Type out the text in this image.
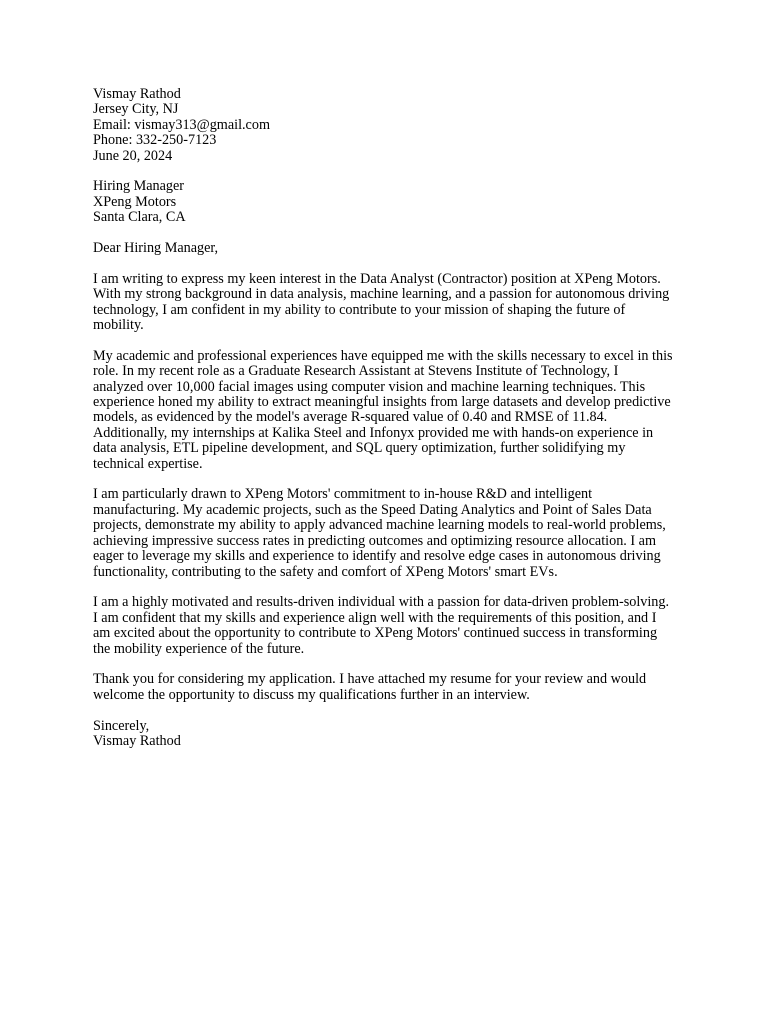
Vismay Rathod
Jersey City, NJ
Email: vismay313@gmail.com
Phone: 332-250-7123
June 20, 2024
Hiring Manager
XPeng Motors
Santa Clara, CA
Dear Hiring Manager,
I am writing to express my keen interest in the Data Analyst (Contractor) position at XPeng Motors.
With my strong background in data analysis, machine learning, and a passion for autonomous driving
technology, I am confident in my ability to contribute to your mission of shaping the future of
mobility.
My academic and professional experiences have equipped me with the skills necessary to excel in this
role. In my recent role as a Graduate Research Assistant at Stevens Institute of Technology, I
analyzed over 10,000 facial images using computer vision and machine learning techniques. This
experience honed my ability to extract meaningful insights from large datasets and develop predictive
models, as evidenced by the model's average R-squared value of 0.40 and RMSE of 11.84.
Additionally, my internships at Kalika Steel and Infonyx provided me with hands-on experience in
data analysis, ETL pipeline development, and SQL query optimization, further solidifying my
technical expertise.
I am particularly drawn to XPeng Motors' commitment to in-house R&D and intelligent
manufacturing. My academic projects, such as the Speed Dating Analytics and Point of Sales Data
projects, demonstrate my ability to apply advanced machine learning models to real-world problems,
achieving impressive success rates in predicting outcomes and optimizing resource allocation. I am
eager to leverage my skills and experience to identify and resolve edge cases in autonomous driving
functionality, contributing to the safety and comfort of XPeng Motors' smart EVs.
I am a highly motivated and results-driven individual with a passion for data-driven problem-solving.
I am confident that my skills and experience align well with the requirements of this position, and I
am excited about the opportunity to contribute to XPeng Motors' continued success in transforming
the mobility experience of the future.
Thank you for considering my application. I have attached my resume for your review and would
welcome the opportunity to discuss my qualifications further in an interview.
Sincerely,
Vismay Rathod
